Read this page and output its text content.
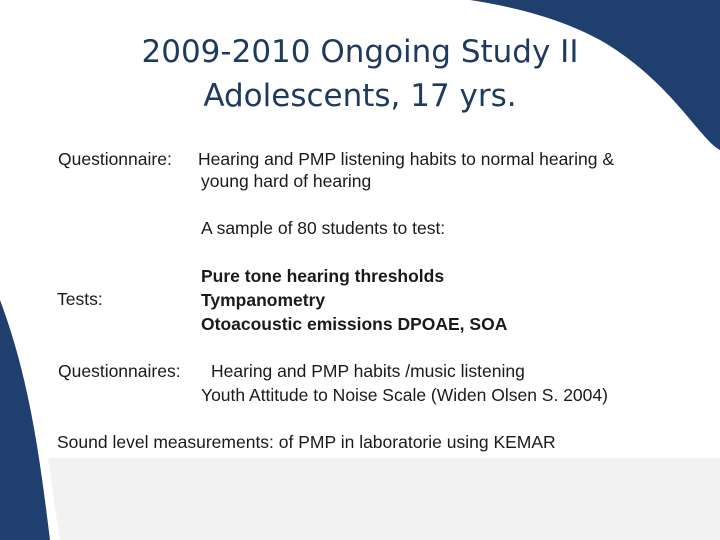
2009-2010 Ongoing Study II
Adolescents, 17 yrs.
Questionnaire: Hearing and PMP listening habits to normal hearing &
young hard of hearing
A sample of 80 students to test:
Tests:
Pure tone hearing thresholds
Tympanometry
Otoacoustic emissions DPOAE, SOA
Questionnaires: Hearing and PMP habits /music listening
Youth Attitude to Noise Scale (Widen Olsen S. 2004)
Sound level measurements: of PMP in laboratorie using KEMAR
